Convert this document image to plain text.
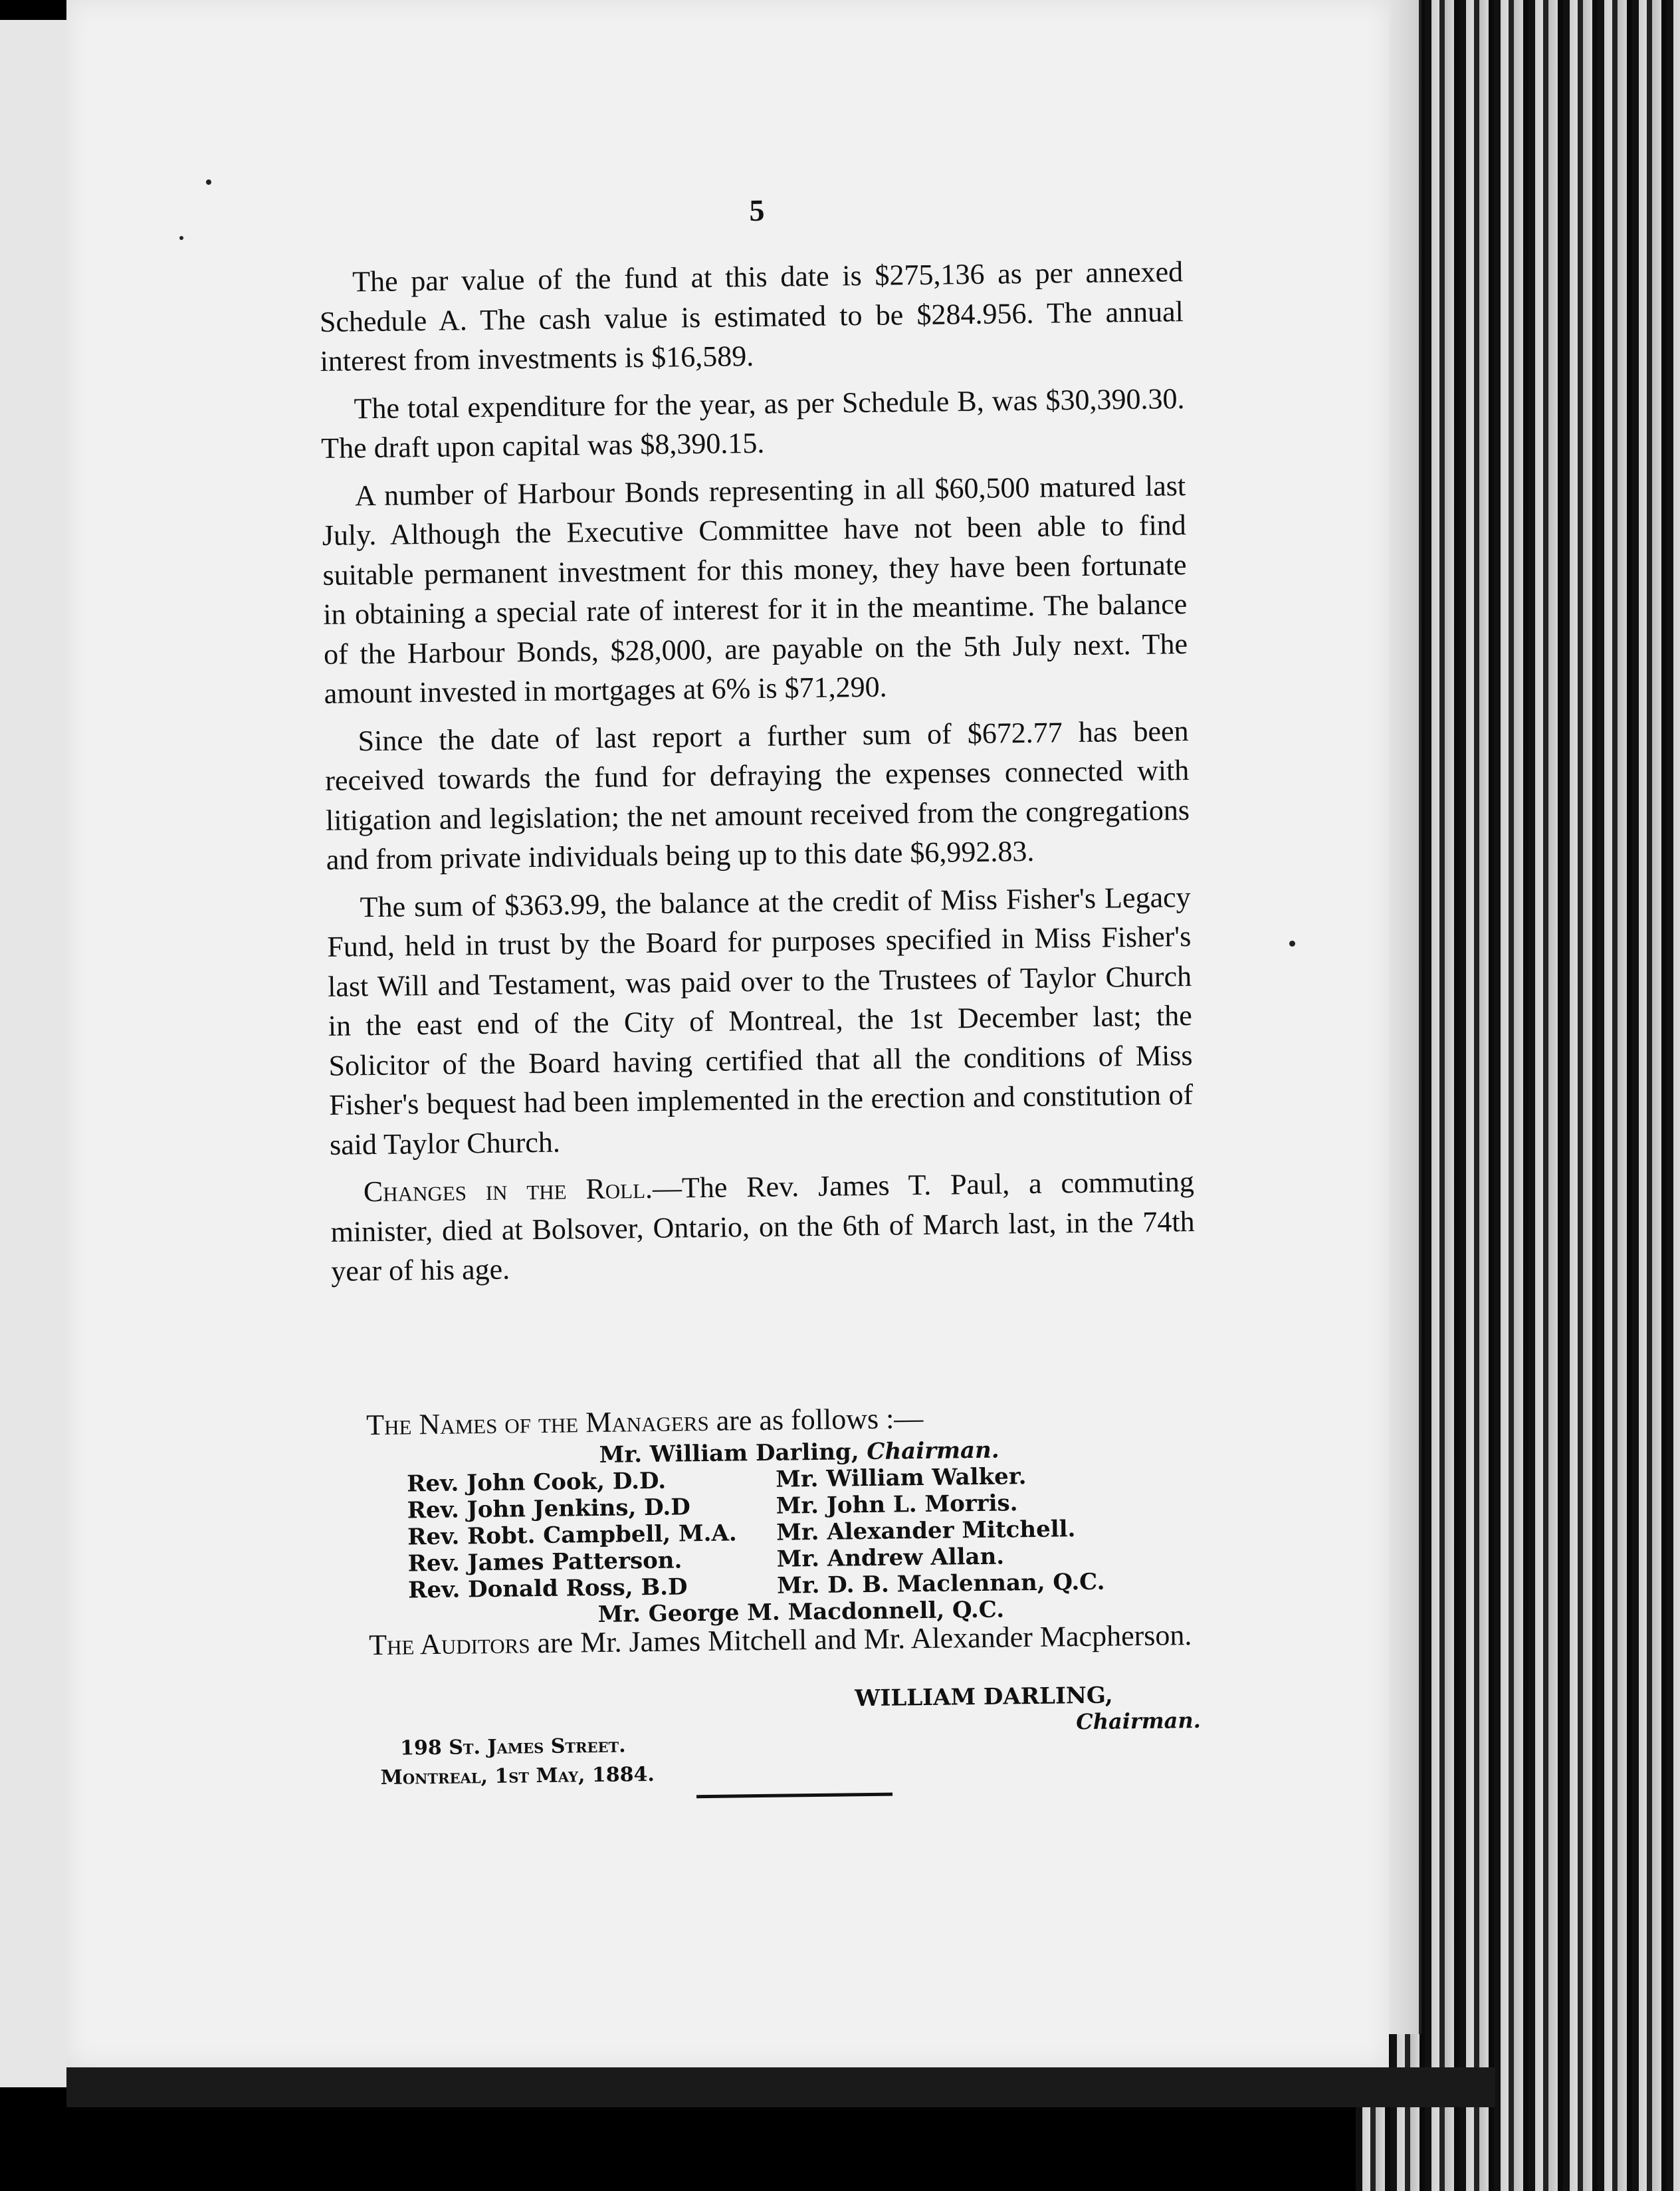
5

The par value of the fund at this date is $275,136 as per annexed Schedule A. The cash value is estimated to be $284.956. The annual interest from investments is $16,589.

The total expenditure for the year, as per Schedule B, was $30,390.30. The draft upon capital was $8,390.15.

A number of Harbour Bonds representing in all $60,500 matured last July. Although the Executive Committee have not been able to find suitable permanent investment for this money, they have been fortunate in obtaining a special rate of interest for it in the meantime. The balance of the Harbour Bonds, $28,000, are payable on the 5th July next. The amount invested in mortgages at 6% is $71,290.

Since the date of last report a further sum of $672.77 has been received towards the fund for defraying the expenses connected with litigation and legislation; the net amount received from the congregations and from private individuals being up to this date $6,992.83.

The sum of $363.99, the balance at the credit of Miss Fisher's Legacy Fund, held in trust by the Board for purposes specified in Miss Fisher's last Will and Testament, was paid over to the Trustees of Taylor Church in the east end of the City of Montreal, the 1st December last; the Solicitor of the Board having certified that all the conditions of Miss Fisher's bequest had been implemented in the erection and constitution of said Taylor Church.

Changes in the Roll.—The Rev. James T. Paul, a commuting minister, died at Bolsover, Ontario, on the 6th of March last, in the 74th year of his age.

The Names of the Managers are as follows :—

Mr. William Darling, Chairman.
Rev. John Cook, D.D.
Rev. John Jenkins, D.D
Rev. Robt. Campbell, M.A.
Rev. James Patterson.
Rev. Donald Ross, B.D
Mr. William Walker.
Mr. John L. Morris.
Mr. Alexander Mitchell.
Mr. Andrew Allan.
Mr. D. B. Maclennan, Q.C.
Mr. George M. Macdonnell, Q.C.
The Auditors are Mr. James Mitchell and Mr. Alexander Macpherson.
WILLIAM DARLING,
Chairman.
198 St. James Street.
Montreal, 1st May, 1884.
